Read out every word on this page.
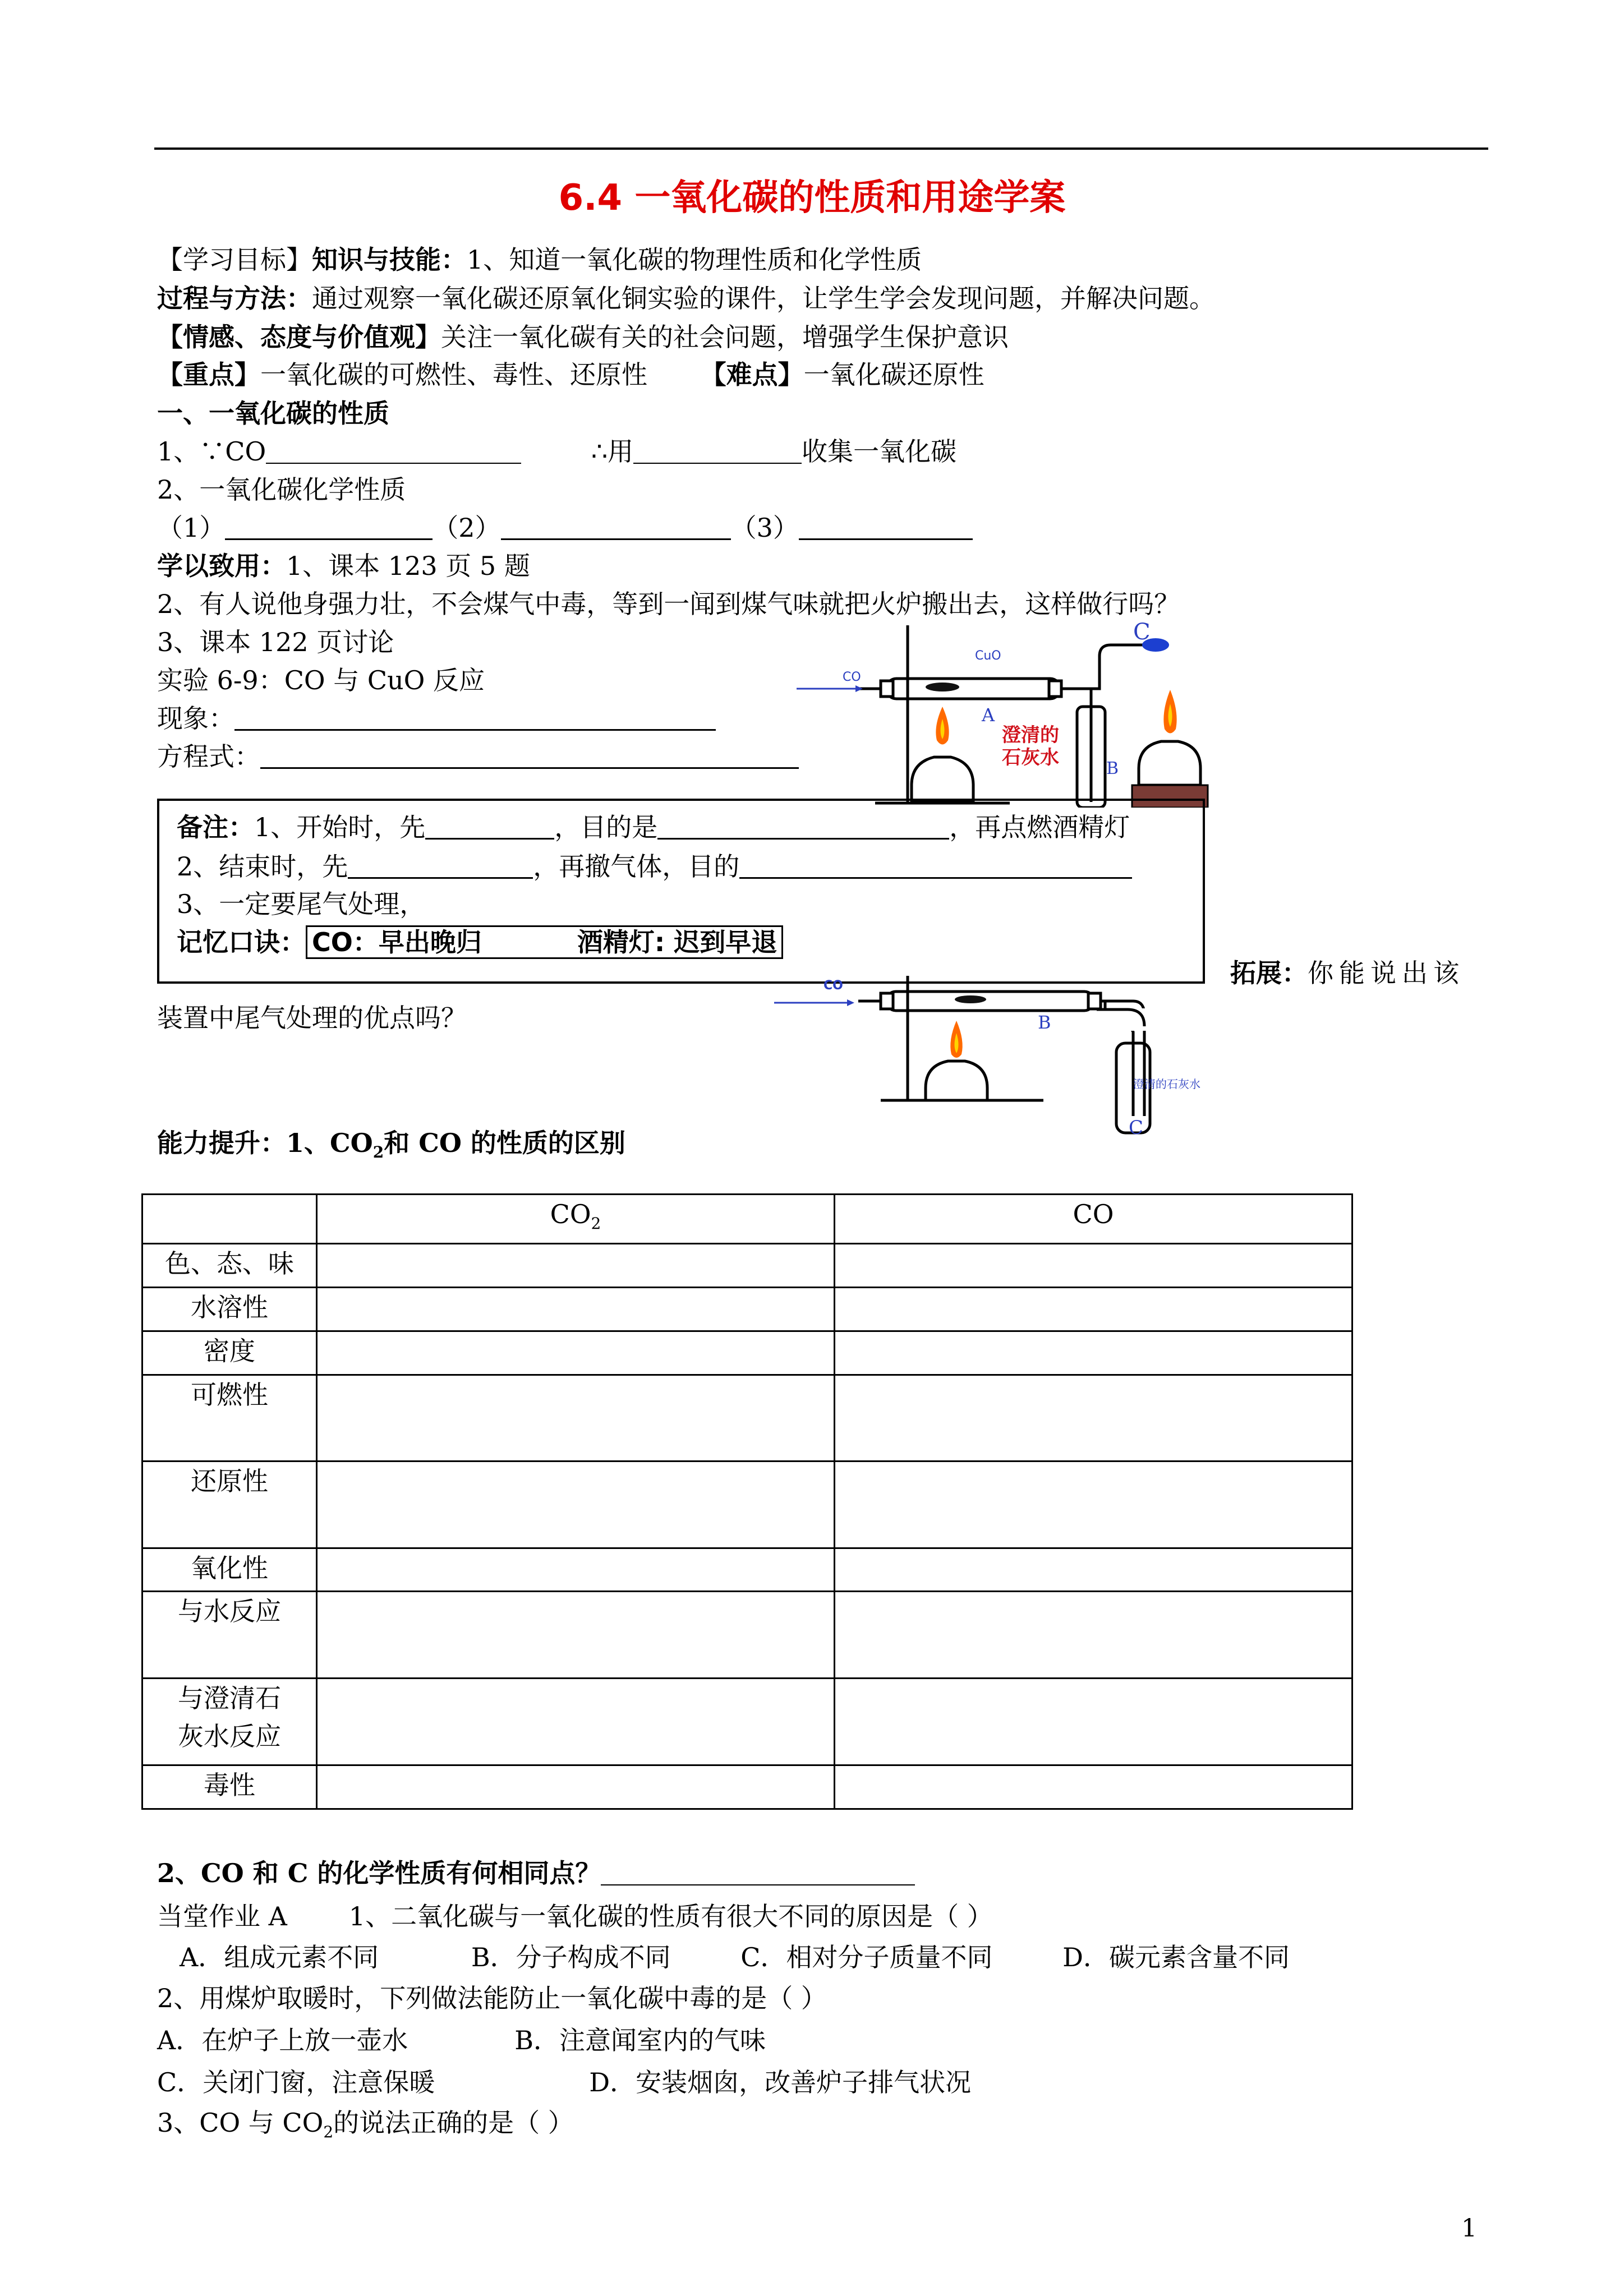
6.4 一氧化碳的性质和用途学案
【学习目标】知识与技能：1、知道一氧化碳的物理性质和化学性质
过程与方法：通过观察一氧化碳还原氧化铜实验的课件，让学生学会发现问题，并解决问题。
【情感、态度与价值观】关注一氧化碳有关的社会问题，增强学生保护意识
【重点】一氧化碳的可燃性、毒性、还原性 【难点】一氧化碳还原性
一、一氧化碳的性质
1、∵CO	∴用	收集一氧化碳
2、一氧化碳化学性质
（1）	（2）	（3）
学以致用：1、课本 123 页 5 题
2、有人说他身强力壮，不会煤气中毒，等到一闻到煤气味就把火炉搬出去，这样做行吗？
3、课本 122 页讨论
实验 6-9：CO 与 CuO 反应
现象：
方程式：
CO
CuO
A
B
C
澄清的
石灰水
备注：1、开始时，先	，目的是	，再点燃酒精灯
2、结束时，先	，再撤气体，目的
3、一定要尾气处理，
记忆口诀： CO：早出晚归	酒精灯: 迟到早退
拓展：你能说出该
装置中尾气处理的优点吗？
CO
B
澄清的石灰水
C
能力提升：1、$CO_2$和 CO 的性质的区别
	$CO_2$	CO
色、态、味		
水溶性		
密度		
可燃性		
还原性		
氧化性		
与水反应		

与澄清石
灰水反应		

毒性		
2、CO 和 C 的化学性质有何相同点？
当堂作业 A 1、二氧化碳与一氧化碳的性质有很大不同的原因是（ ）
A．组成元素不同	B．分子构成不同	C．相对分子质量不同	D．碳元素含量不同
2、用煤炉取暖时，下列做法能防止一氧化碳中毒的是（ ）
A．在炉子上放一壶水	B．注意闻室内的气味
C．关闭门窗，注意保暖	D．安装烟囱，改善炉子排气状况
3、CO 与 $CO_2$的说法正确的是（ ）
1
